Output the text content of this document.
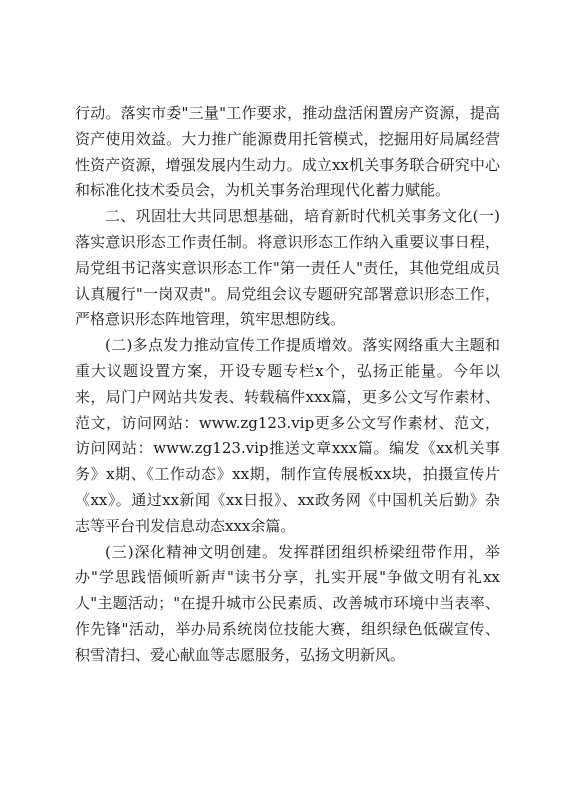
行动。落实市委"三量"工作要求，推动盘活闲置房产资源，提高资产使用效益。大力推广能源费用托管模式，挖掘用好局属经营性资产资源，增强发展内生动力。成立xx机关事务联合研究中心和标准化技术委员会，为机关事务治理现代化蓄力赋能。

二、巩固壮大共同思想基础，培育新时代机关事务文化(一)落实意识形态工作责任制。将意识形态工作纳入重要议事日程，局党组书记落实意识形态工作"第一责任人"责任，其他党组成员认真履行"一岗双责"。局党组会议专题研究部署意识形态工作，严格意识形态阵地管理，筑牢思想防线。

(二)多点发力推动宣传工作提质增效。落实网络重大主题和重大议题设置方案，开设专题专栏x个，弘扬正能量。今年以来，局门户网站共发表、转载稿件xxx篇，更多公文写作素材、范文，访问网站：www.zg123.vip更多公文写作素材、范文，访问网站：www.zg123.vip推送文章xxx篇。编发《xx机关事务》x期、《工作动态》xx期，制作宣传展板xx块，拍摄宣传片《xx》。通过xx新闻《xx日报》、xx政务网《中国机关后勤》杂志等平台刊发信息动态xxx余篇。

(三)深化精神文明创建。发挥群团组织桥梁纽带作用，举办"学思践悟倾听新声"读书分享，扎实开展"争做文明有礼xx人"主题活动；"在提升城市公民素质、改善城市环境中当表率、作先锋"活动，举办局系统岗位技能大赛，组织绿色低碳宣传、积雪清扫、爱心献血等志愿服务，弘扬文明新风。
